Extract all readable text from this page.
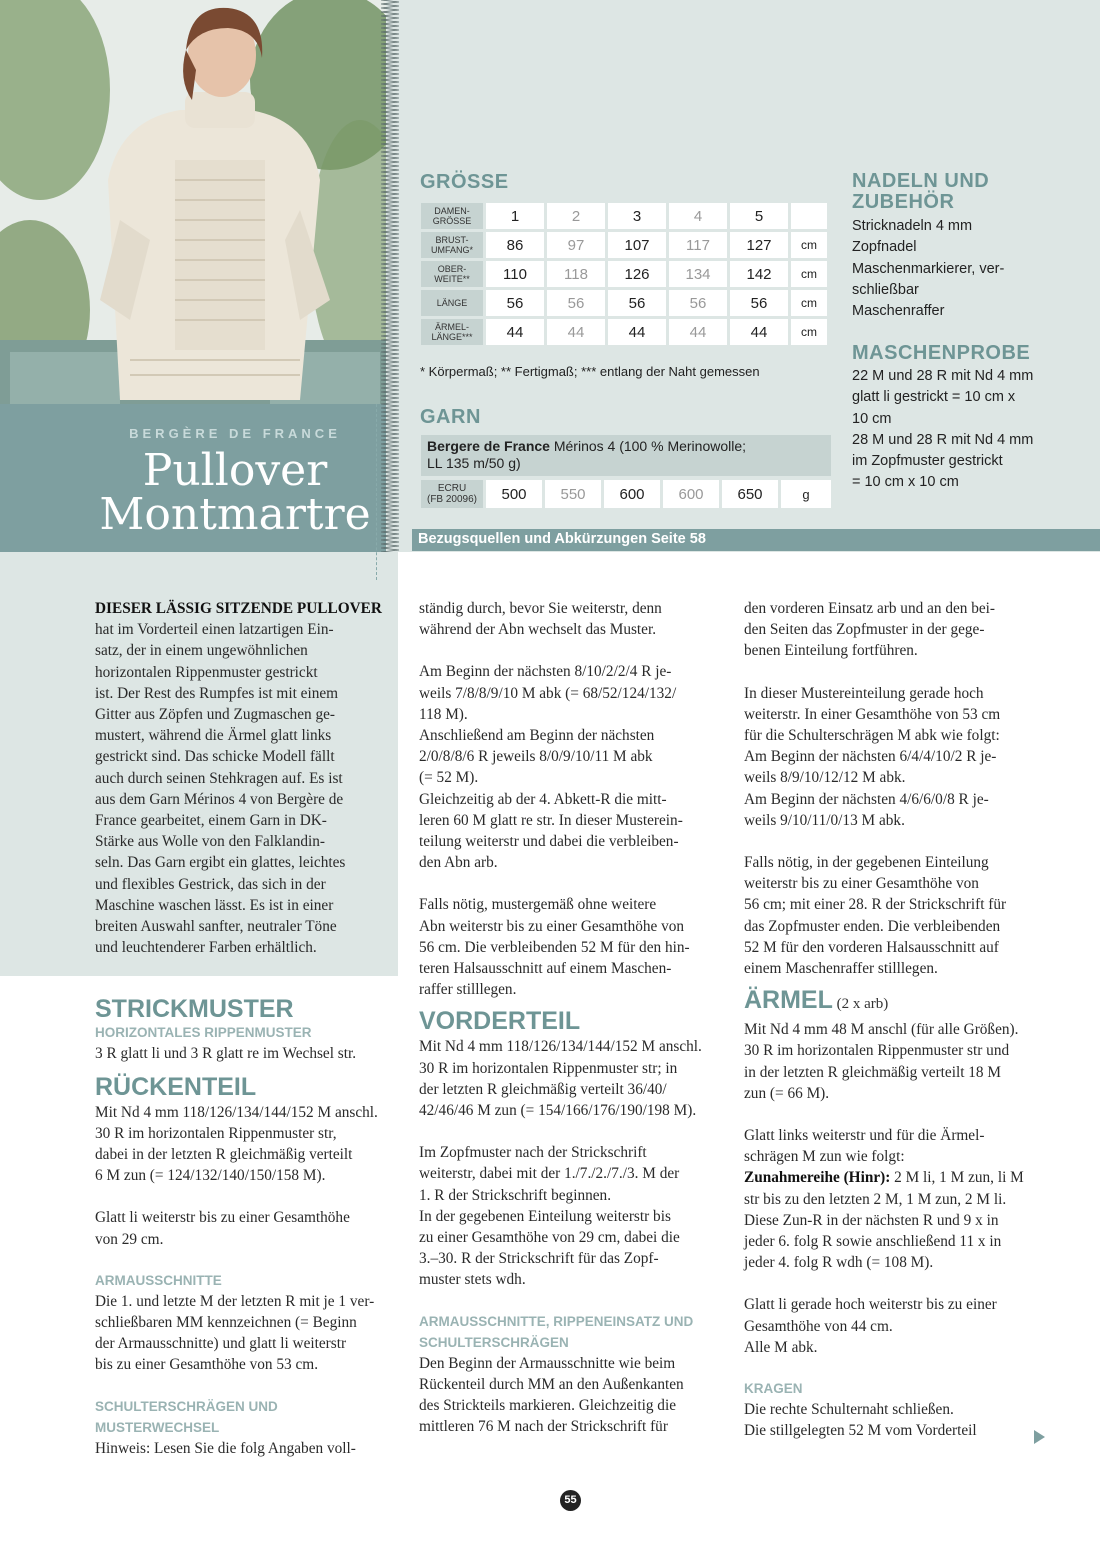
BERGÈRE DE FRANCE
Pullover
Montmartre
GRÖSSE
DAMEN-
GRÖSSE	1	2	3	4	5	
BRUST-
UMFANG*	86	97	107	117	127	cm
OBER-
WEITE**	110	118	126	134	142	cm
LÄNGE	56	56	56	56	56	cm
ÄRMEL-
LÄNGE***	44	44	44	44	44	cm
* Körpermaß; ** Fertigmaß; *** entlang der Naht gemessen
GARN
Bergere de France Mérinos 4 (100 % Merinowolle;
LL 135 m/50 g)
ECRU
(FB 20096)	500	550	600	600	650	g
NADELN UND
ZUBEHÖR
Stricknadeln 4 mm
Zopfnadel
Maschenmarkierer, ver-
schließbar
Maschenraffer
MASCHENPROBE
22 M und 28 R mit Nd 4 mm
glatt li gestrickt = 10 cm x
10 cm
28 M und 28 R mit Nd 4 mm
im Zopfmuster gestrickt
= 10 cm x 10 cm
Bezugsquellen und Abkürzungen Seite 58

DIESER LÄSSIG SITZENDE PULLOVER

hat im Vorderteil einen latzartigen Ein-
satz, der in einem ungewöhnlichen
horizontalen Rippenmuster gestrickt
ist. Der Rest des Rumpfes ist mit einem
Gitter aus Zöpfen und Zugmaschen ge-
mustert, während die Ärmel glatt links
gestrickt sind. Das schicke Modell fällt
auch durch seinen Stehkragen auf. Es ist
aus dem Garn Mérinos 4 von Bergère de
France gearbeitet, einem Garn in DK-
Stärke aus Wolle von den Falklandin-
seln. Das Garn ergibt ein glattes, leichtes
und flexibles Gestrick, das sich in der
Maschine waschen lässt. Es ist in einer
breiten Auswahl sanfter, neutraler Töne
und leuchtenderer Farben erhältlich.

STRICKMUSTER
HORIZONTALES RIPPENMUSTER

3 R glatt li und 3 R glatt re im Wechsel str.

RÜCKENTEIL

Mit Nd 4 mm 118/126/134/144/152 M anschl.
30 R im horizontalen Rippenmuster str,
dabei in der letzten R gleichmäßig verteilt
6 M zun (= 124/132/140/150/158 M).

Glatt li weiterstr bis zu einer Gesamthöhe
von 29 cm.

ARMAUSSCHNITTE

Die 1. und letzte M der letzten R mit je 1 ver-
schließbaren MM kennzeichnen (= Beginn
der Armausschnitte) und glatt li weiterstr
bis zu einer Gesamthöhe von 53 cm.

SCHULTERSCHRÄGEN UND MUSTERWECHSEL

Hinweis: Lesen Sie die folg Angaben voll-

ständig durch, bevor Sie weiterstr, denn
während der Abn wechselt das Muster.

Am Beginn der nächsten 8/10/2/2/4 R je-
weils 7/8/8/9/10 M abk (= 68/52/124/132/
118 M).
Anschließend am Beginn der nächsten
2/0/8/8/6 R jeweils 8/0/9/10/11 M abk
(= 52 M).
Gleichzeitig ab der 4. Abkett-R die mitt-
leren 60 M glatt re str. In dieser Musterein-
teilung weiterstr und dabei die verbleiben-
den Abn arb.

Falls nötig, mustergemäß ohne weitere
Abn weiterstr bis zu einer Gesamthöhe von
56 cm. Die verbleibenden 52 M für den hin-
teren Halsausschnitt auf einem Maschen-
raffer stilllegen.

VORDERTEIL

Mit Nd 4 mm 118/126/134/144/152 M anschl.
30 R im horizontalen Rippenmuster str; in
der letzten R gleichmäßig verteilt 36/40/
42/46/46 M zun (= 154/166/176/190/198 M).

Im Zopfmuster nach der Strickschrift
weiterstr, dabei mit der 1./7./2./7./3. M der
1. R der Strickschrift beginnen.
In der gegebenen Einteilung weiterstr bis
zu einer Gesamthöhe von 29 cm, dabei die
3.–30. R der Strickschrift für das Zopf-
muster stets wdh.

ARMAUSSCHNITTE, RIPPENEINSATZ UND
SCHULTERSCHRÄGEN

Den Beginn der Armausschnitte wie beim
Rückenteil durch MM an den Außenkanten
des Strickteils markieren. Gleichzeitig die
mittleren 76 M nach der Strickschrift für

den vorderen Einsatz arb und an den bei-
den Seiten das Zopfmuster in der gege-
benen Einteilung fortführen.

In dieser Mustereinteilung gerade hoch
weiterstr. In einer Gesamthöhe von 53 cm
für die Schulterschrägen M abk wie folgt:
Am Beginn der nächsten 6/4/4/10/2 R je-
weils 8/9/10/12/12 M abk.
Am Beginn der nächsten 4/6/6/0/8 R je-
weils 9/10/11/0/13 M abk.

Falls nötig, in der gegebenen Einteilung
weiterstr bis zu einer Gesamthöhe von
56 cm; mit einer 28. R der Strickschrift für
das Zopfmuster enden. Die verbleibenden
52 M für den vorderen Halsausschnitt auf
einem Maschenraffer stilllegen.

ÄRMEL (2 x arb)

Mit Nd 4 mm 48 M anschl (für alle Größen).
30 R im horizontalen Rippenmuster str und
in der letzten R gleichmäßig verteilt 18 M
zun (= 66 M).

Glatt links weiterstr und für die Ärmel-
schrägen M zun wie folgt:

Zunahmereihe (Hinr): 2 M li, 1 M zun, li M
str bis zu den letzten 2 M, 1 M zun, 2 M li.
Diese Zun-R in der nächsten R und 9 x in
jeder 6. folg R sowie anschließend 11 x in
jeder 4. folg R wdh (= 108 M).

Glatt li gerade hoch weiterstr bis zu einer
Gesamthöhe von 44 cm.
Alle M abk.

KRAGEN

Die rechte Schulternaht schließen.
Die stillgelegten 52 M vom Vorderteil

55
